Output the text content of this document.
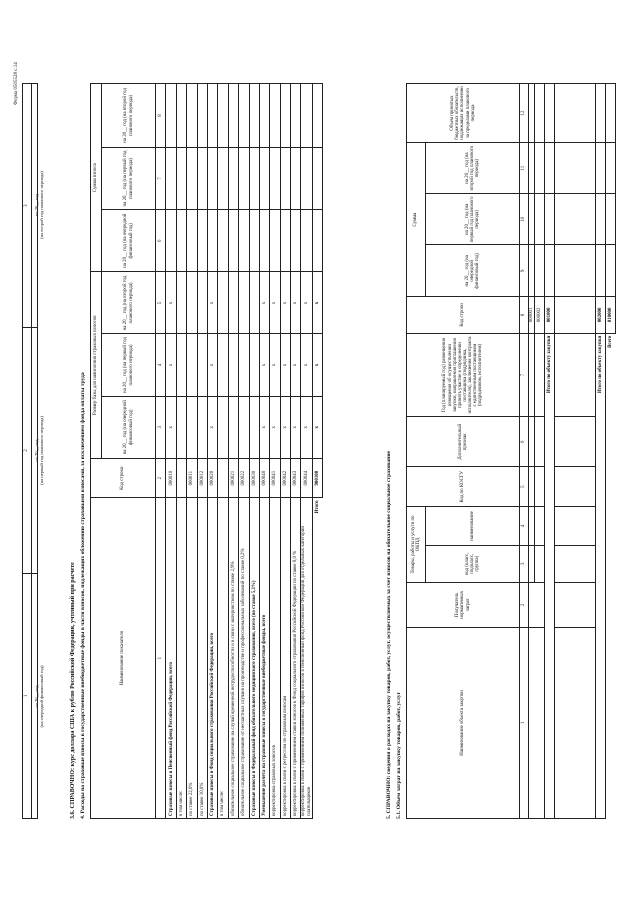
Форма 0505528 с.14
3.6. СПРАВОЧНО: курс доллара США к рублю Российской Федерации, учтенный при расчете
на 20__ год (на очередной финансовый год)
на 20__ год (на первый год планового периода)
на 20__ год (на второй год планового периода)
1	2	3

4. Расходы на страховые взносы в государственные внебюджетные фонды в части взносов, подлежащих обложению страховыми взносами, за исключением фонда оплаты труда	Наименование показателя	Код строки	Размер базы для начисления страховых взносов			Сумма взноса		
		на 20__ год (на очередной финансовый год)	на 20__ год (на первый год планового периода)	на 20__ год (на второй год планового периода)	на 20__ год (на очередной финансовый год)	на 20__ год (на первый год планового периода)	на 20__ год (на второй год планового периода)
1	2	3	4	5	6	7	8
Страховые взносы в Пенсионный фонд Российской Федерации, всего	000010	x	x	x			
в том числе:							
по ставке 22,0%	000011						
по ставке 10,0%	000012						
Страховые взносы в Фонд социального страхования Российской Федерации, всего	000020	x	x	x			
в том числе:							
обязательное социальное страхование на случай временной нетрудоспособности и в связи с материнством по ставке 2,9%	000021						
обязательное социальное страхование от несчастных случаев на производстве и профессиональных заболеваний по ставке 0,2%	000022						
Страховые взносы в Федеральный фонд обязательного медицинского страхования, всего (по ставке 5,1%)	000030						
Уменьшение расчета на страховые взносы в государственные внебюджетные фонды, всего	000040	x	x	x			
корректировка страховых взносов	000041	x	x	x			
корректировка в связи с регрессом по страховым взносам	000042	x	x	x			
корректировка в связи с применением ставки взносов в Фонд социального страхования Российской Федерации по ставке 0,0 %	000043	x	x	x			
корректировка в связи с применением пониженных тарифов взносов в Пенсионный фонд Российской Федерации для отдельных категорий плательщиков	000044	x	x	x			
Итого	900100	x	x	x			
5. СПРАВОЧНО: сведения о расходах на закупку товаров, работ, услуг, осуществляемых за счет взносов на обязательное социальное страхование 5.1. Объем затрат на закупку товаров, работ, услуг	Наименование объекта закупки	Получатель нормативных затрат	Товары, работы и услуги по ОКПД		Код по КОСГУ	Дополнительный признак	Год (планируемый год) размещения извещения об осуществлении закупки, направления приглашения принять участие в определении поставщика (подрядчика, исполнителя), заключения контракта с единственным поставщиком (подрядчиком, исполнителем)	Код строки	Сумма			Объем принятых бюджетных обязательств, подлежащих исполнению за пределами планового периода
		код (класс, подкласс, группа)	наименование					на 20__ год (на очередной финансовый год)	на 20__ год (на первый год планового периода)	на 20__ год (на второй год планового периода)	

1	2	3	4	5	6	7	8	9	10	11	12
							000001				
							000002				
Итого по объекту закупки							001000				

Итого по объекту закупки							002000				
Всего							010000				
